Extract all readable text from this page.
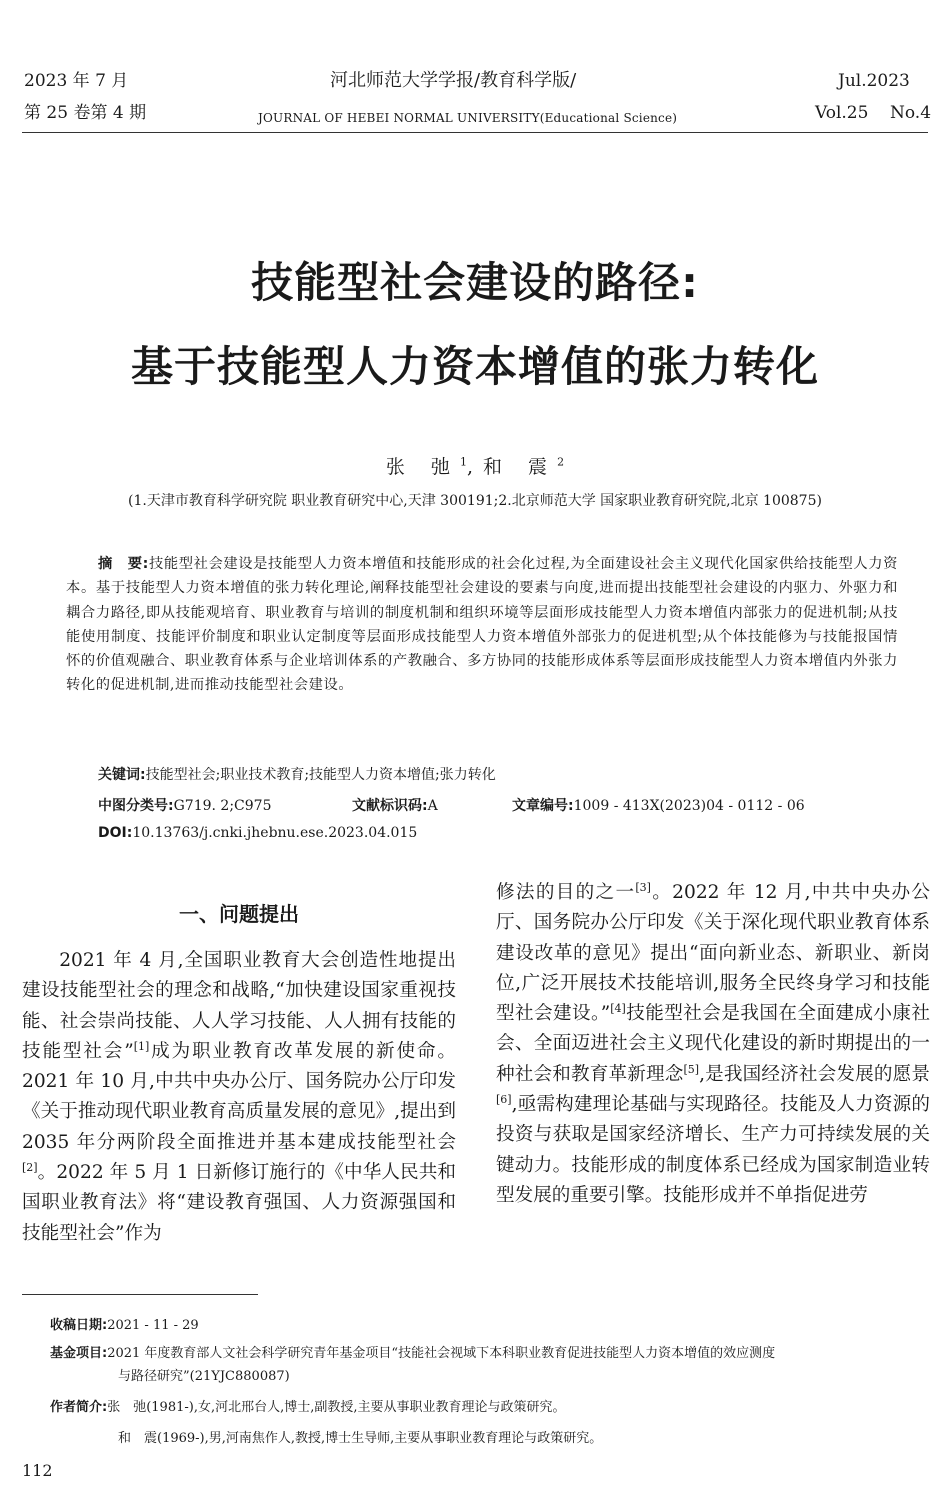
2023 年 7 月
第 25 卷第 4 期
河北师范大学学报/教育科学版/
JOURNAL OF HEBEI NORMAL UNIVERSITY(Educational Science)
Jul.2023
Vol.25 No.4
技能型社会建设的路径:
基于技能型人力资本增值的张力转化
张 弛$^1$,和 震$^2$
(1.天津市教育科学研究院 职业教育研究中心,天津 300191;2.北京师范大学 国家职业教育研究院,北京 100875)
摘　要:技能型社会建设是技能型人力资本增值和技能形成的社会化过程,为全面建设社会主义现代化国家供给技能型人力资本。基于技能型人力资本增值的张力转化理论,阐释技能型社会建设的要素与向度,进而提出技能型社会建设的内驱力、外驱力和耦合力路径,即从技能观培育、职业教育与培训的制度机制和组织环境等层面形成技能型人力资本增值内部张力的促进机制;从技能使用制度、技能评价制度和职业认定制度等层面形成技能型人力资本增值外部张力的促进机型;从个体技能修为与技能报国情怀的价值观融合、职业教育体系与企业培训体系的产教融合、多方协同的技能形成体系等层面形成技能型人力资本增值内外张力转化的促进机制,进而推动技能型社会建设。
关键词:技能型社会;职业技术教育;技能型人力资本增值;张力转化
中图分类号:G719. 2;C975	文献标识码:A	文章编号:1009 - 413X(2023)04 - 0112 - 06
DOI:10.13763/j.cnki.jhebnu.ese.2023.04.015
一、问题提出

2021 年 4 月,全国职业教育大会创造性地提出建设技能型社会的理念和战略,“加快建设国家重视技能、社会崇尚技能、人人学习技能、人人拥有技能的技能型社会”[1]成为职业教育改革发展的新使命。2021 年 10 月,中共中央办公厅、国务院办公厅印发《关于推动现代职业教育高质量发展的意见》,提出到 2035 年分两阶段全面推进并基本建成技能型社会[2]。2022 年 5 月 1 日新修订施行的《中华人民共和国职业教育法》将“建设教育强国、人力资源强国和技能型社会”作为

修法的目的之一[3]。2022 年 12 月,中共中央办公厅、国务院办公厅印发《关于深化现代职业教育体系建设改革的意见》提出“面向新业态、新职业、新岗位,广泛开展技术技能培训,服务全民终身学习和技能型社会建设。”[4]技能型社会是我国在全面建成小康社会、全面迈进社会主义现代化建设的新时期提出的一种社会和教育革新理念[5],是我国经济社会发展的愿景[6],亟需构建理论基础与实现路径。技能及人力资源的投资与获取是国家经济增长、生产力可持续发展的关键动力。技能形成的制度体系已经成为国家制造业转型发展的重要引擎。技能形成并不单指促进劳

收稿日期:2021 - 11 - 29
基金项目:2021 年度教育部人文社会科学研究青年基金项目“技能社会视域下本科职业教育促进技能型人力资本增值的效应测度
与路径研究”(21YJC880087)
作者简介:张　弛(1981-),女,河北邢台人,博士,副教授,主要从事职业教育理论与政策研究。
和　震(1969-),男,河南焦作人,教授,博士生导师,主要从事职业教育理论与政策研究。
112
